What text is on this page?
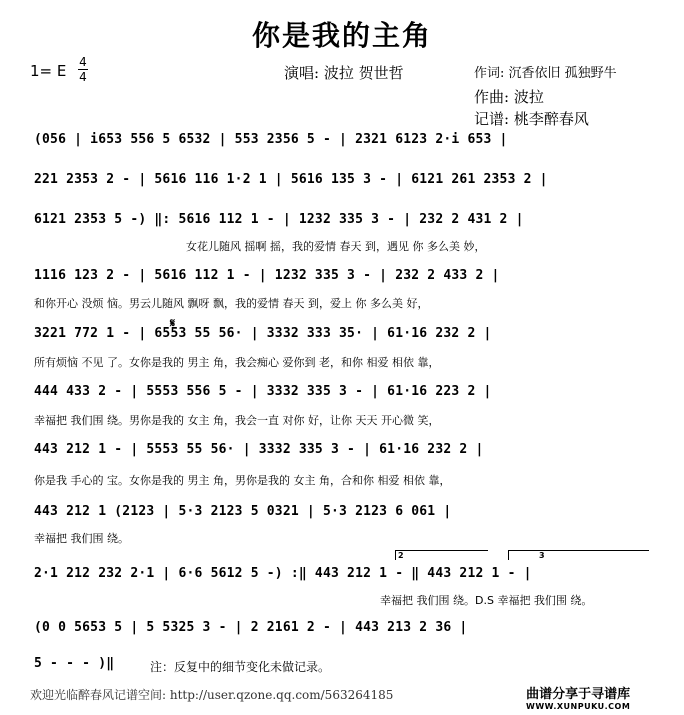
你是我的主角
1= E 4
4	演唱: 波拉 贺世哲	作词: 沉香依旧 孤独野牛
作曲: 波拉
记谱: 桃李醉春风
(056 | i653 556 5 6532 | 553 2356 5 - | 2321 6123 2·i 653 |
221 2353 2 - | 5616 116 1·2 1 | 5616 135 3 - | 6121 261 2353 2 |
6121 2353 5 -) ‖: 5616 112 1 - | 1232 335 3 - | 232 2 431 2 |
女花儿随风 摇啊 摇，我的爱情 春天 到，遇见 你 多么美 妙，
1116 123 2 - | 5616 112 1 - | 1232 335 3 - | 232 2 433 2 |
和你开心 没烦 恼。男云儿随风 飘呀 飘，我的爱情 春天 到，爱上 你 多么美 好，
3221 772 1 - | 6553 55 56· | 3332 333 35· | 61·16 232 2 |
𝄋
所有烦恼 不见 了。女你是我的 男主 角，我会痴心 爱你到 老，和你 相爱 相依 靠，
444 433 2 - | 5553 556 5 - | 3332 335 3 - | 61·16 223 2 |
幸福把 我们围 绕。男你是我的 女主 角，我会一直 对你 好，让你 天天 开心微 笑，
443 212 1 - | 5553 55 56· | 3332 335 3 - | 61·16 232 2 |
你是我 手心的 宝。女你是我的 男主 角，男你是我的 女主 角，合和你 相爱 相依 靠，
443 212 1 (2123 | 5·3 2123 5 0321 | 5·3 2123 6 061 |
幸福把 我们围 绕。
2·1 212 232 2·1 | 6·6 5612 5 -) :‖ 443 212 1 - ‖ 443 212 1 - |
2	3
幸福把 我们围 绕。D.S 幸福把 我们围 绕。
(0 0 5653 5 | 5 5325 3 - | 2 2161 2 - | 443 213 2 36 |
5 - - - )‖	注：反复中的细节变化未做记录。
欢迎光临醉春风记谱空间: http://user.qzone.qq.com/563264185	曲谱分享于寻谱库
WWW.XUNPUKU.COM
